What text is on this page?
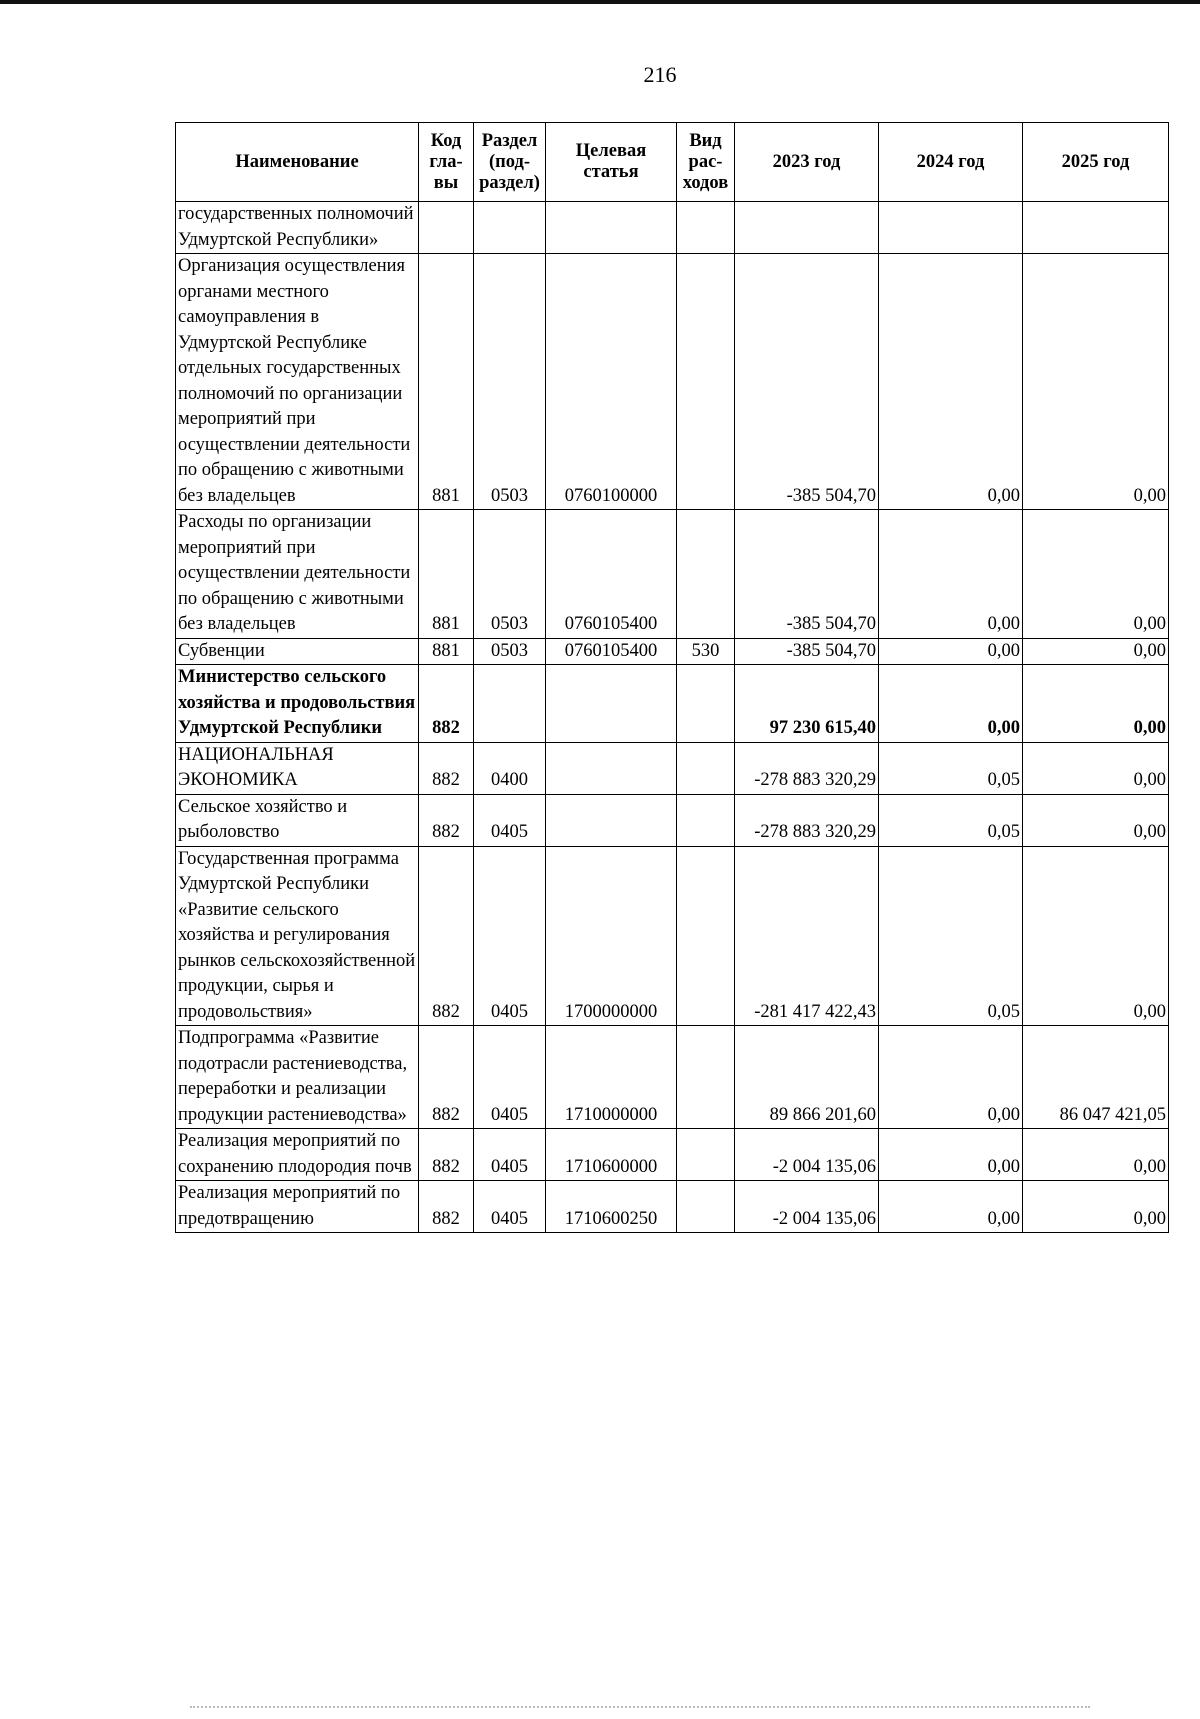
216
Наименование	Код гла-вы	Раздел (под-раздел)	Целевая статья	Вид рас-ходов	2023 год	2024 год	2025 год
государственных полномочий Удмуртской Республики»							
Организация осуществления органами местного самоуправления в Удмуртской Республике отдельных государственных полномочий по организации мероприятий при осуществлении деятельности по обращению с животными без владельцев	881	0503	0760100000		-385 504,70	0,00	0,00
Расходы по организации мероприятий при осуществлении деятельности по обращению с животными без владельцев	881	0503	0760105400		-385 504,70	0,00	0,00
Субвенции	881	0503	0760105400	530	-385 504,70	0,00	0,00
Министерство сельского хозяйства и продовольствия Удмуртской Республики	882				97 230 615,40	0,00	0,00
НАЦИОНАЛЬНАЯ ЭКОНОМИКА	882	0400			-278 883 320,29	0,05	0,00
Сельское хозяйство и рыболовство	882	0405			-278 883 320,29	0,05	0,00
Государственная программа Удмуртской Республики «Развитие сельского хозяйства и регулирования рынков сельскохозяйственной продукции, сырья и продовольствия»	882	0405	1700000000		-281 417 422,43	0,05	0,00
Подпрограмма «Развитие подотрасли растениеводства, переработки и реализации продукции растениеводства»	882	0405	1710000000		89 866 201,60	0,00	86 047 421,05
Реализация мероприятий по сохранению плодородия почв	882	0405	1710600000		-2 004 135,06	0,00	0,00
Реализация мероприятий по предотвращению	882	0405	1710600250		-2 004 135,06	0,00	0,00
